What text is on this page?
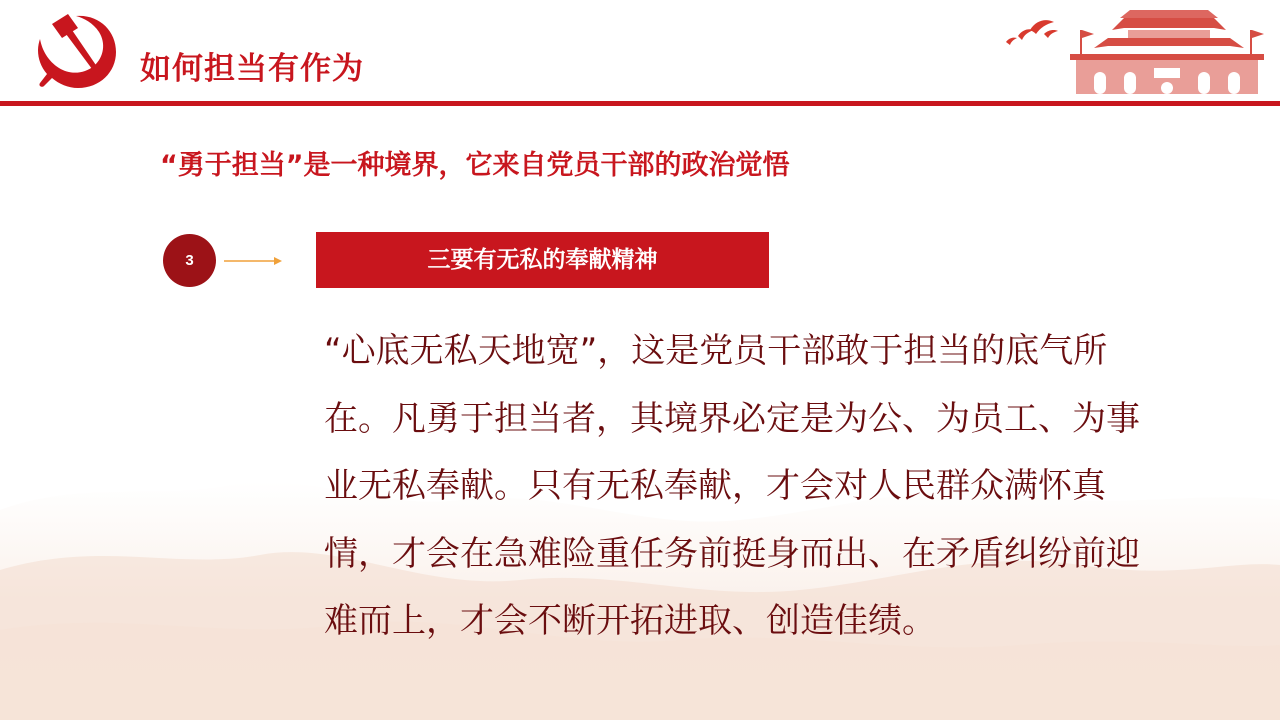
如何担当有作为
“勇于担当”是一种境界，它来自党员干部的政治觉悟
3	三要有无私的奉献精神
“心底无私天地宽”，这是党员干部敢于担当的底气所在。凡勇于担当者，其境界必定是为公、为员工、为事业无私奉献。只有无私奉献，才会对人民群众满怀真情，才会在急难险重任务前挺身而出、在矛盾纠纷前迎难而上，才会不断开拓进取、创造佳绩。
